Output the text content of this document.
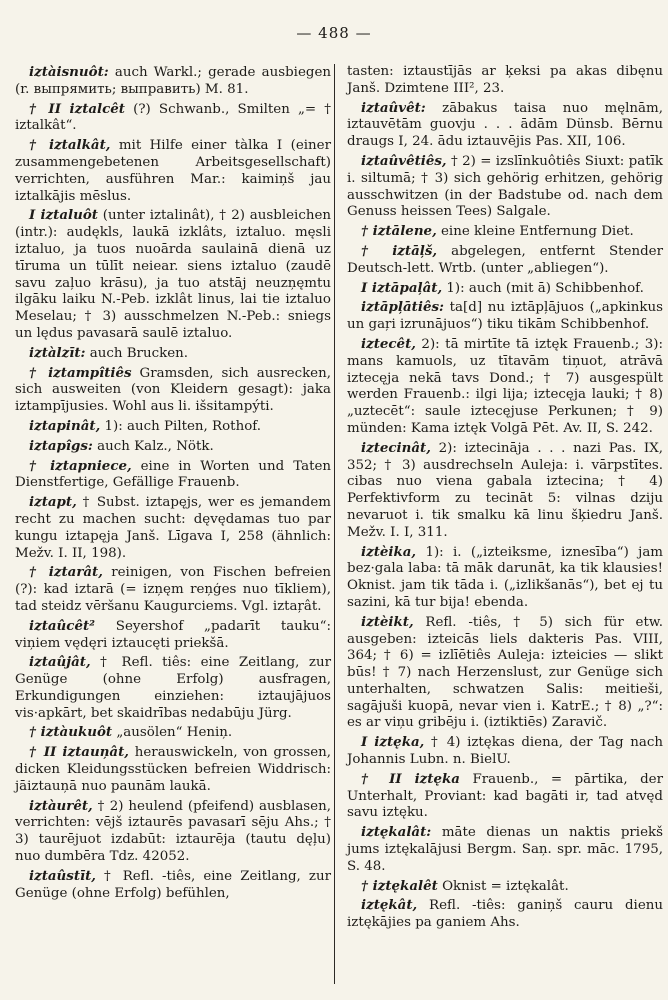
— 488 —

iztàisnuôt: auch Warkl.; gerade ausbiegen (r. выпрямить; выправить) M. 81.

† II iztalcêt (?) Schwanb., Smilten „= † iztalkât“.

† iztalkât, mit Hilfe einer tàlka I (einer zusammengebetenen Arbeitsgesellschaft) verrichten, ausführen Mar.: kaimiņš jau iztalkājis mēslus.

I iztaluôt (unter iztalinât), † 2) ausbleichen (intr.): audękls, laukā izklâts, iztaluo. męsli iztaluo, ja tuos nuoārda saulainā dienā uz tīruma un tūlīt neiear. siens iztaluo (zaudē savu zaļuo krāsu), ja tuo atstāj neuzņęmtu ilgāku laiku N.-Peb. izklât linus, lai tie iztaluo Meselau; † 3) ausschmelzen N.-Peb.: sniegs un lędus pavasarā saulē iztaluo.

iztàlzīt: auch Brucken.

† iztampîtiês Gramsden, sich ausrecken, sich ausweiten (von Kleidern gesagt): jaka iztampījusies. Wohl aus li. išsitampýti.

iztapinât, 1): auch Pilten, Rothof.

iztapîgs: auch Kalz., Nötk.

† iztapniece, eine in Worten und Taten Dienstfertige, Gefällige Frauenb.

iztapt, † Subst. iztapęjs, wer es jemandem recht zu machen sucht: dęvędamas tuo par kungu iztapęja Janš. Līgava I, 258 (ähnlich: Mežv. I. II, 198).

† iztarât, reinigen, von Fischen befreien (?): kad iztarā (= izņęm reņģes nuo tīkliem), tad steidz vēršanu Kaugurciems. Vgl. iztaŗât.

iztaûcêt² Seyershof „padarīt tauku“: viņiem vędęri iztaucęti priekšā.

iztaûjât, † Refl. tiês: eine Zeitlang, zur Genüge (ohne Erfolg) ausfragen, Erkundigungen einziehen: iztaujājuos vis·apkārt, bet skaidrības nedabūju Jürg.

† iztàukuôt „ausölen“ Heniņ.

† II iztauņât, herauswickeln, von grossen, dicken Kleidungsstücken befreien Widdrisch: jāiztauņā nuo paunām laukā.

iztàurêt, † 2) heulend (pfeifend) ausblasen, verrichten: vējš iztaurēs pavasarī sēju Ahs.; † 3) taurējuot izdabūt: iztaurēja (tautu dęļu) nuo dumbēra Tdz. 42052.

iztaûstīt, † Refl. -tiês, eine Zeitlang, zur Genüge (ohne Erfolg) befühlen,

tasten: iztaustījās ar ķeksi pa akas dibęnu Janš. Dzimtene III², 23.

iztaûvêt: zābakus taisa nuo męlnām, iztauvētām guovju . . . ādām Dünsb. Bērnu draugs I, 24. ādu iztauvējis Pas. XII, 106.

iztaûvêtiês, † 2) = izslīnkuôtiês Siuxt: patīk i. siltumā; † 3) sich gehörig erhitzen, gehörig ausschwitzen (in der Badstube od. nach dem Genuss heissen Tees) Salgale.

† iztālene, eine kleine Entfernung Diet.

† iztāļš, abgelegen, entfernt Stender Deutsch-lett. Wrtb. (unter „abliegen“).

I iztāpaļât, 1): auch (mit ā) Schibbenhof.

iztāpļātiês: ta[d] nu iztāpļājuos („apkinkus un gaŗi izrunājuos“) tiku tikām Schibbenhof.

iztecêt, 2): tā mirtīte tā iztęk Frauenb.; 3): mans kamuols, uz tītavām tiņuot, atrāvā iztecęja nekā tavs Dond.; † 7) ausgespült werden Frauenb.: ilgi lija; iztecęja lauki; † 8) „uztecēt“: saule iztecęjuse Perkunen; † 9) münden: Kama iztęk Volgā Pēt. Av. II, S. 242.

iztecinât, 2): iztecināja . . . nazi Pas. IX, 352; † 3) ausdrechseln Auleja: i. vārpstītes. cibas nuo viena gabala iztecina; † 4) Perfektivform zu tecināt 5: vilnas dziju nevaruot i. tik smalku kā linu šķiedru Janš. Mežv. I. I, 311.

iztèika, 1): i. („izteiksme, iznesība“) jam bez·gala laba: tā māk darunāt, ka tik klausies! Oknist. jam tik tāda i. („izlikšanās“), bet ej tu sazini, kā tur bija! ebenda.

iztèikt, Refl. -tiês, † 5) sich für etw. ausgeben: izteicās liels dakteris Pas. VIII, 364; † 6) = izlīētiês Auleja: izteicies — slikt būs! † 7) nach Herzenslust, zur Genüge sich unterhalten, schwatzen Salis: meitieši, sagājuši kuopā, nevar vien i. KatrE.; † 8) „?“: es ar viņu gribēju i. (iztiktiēs) Zaravič.

I iztęka, † 4) iztękas diena, der Tag nach Johannis Lubn. n. BielU.

† II iztęka Frauenb., = pārtika, der Unterhalt, Proviant: kad bagāti ir, tad atvęd savu iztęku.

iztękalât: māte dienas un naktis priekš jums iztękalājusi Bergm. Saņ. spr. māc. 1795, S. 48.

† iztękalêt Oknist = iztękalât.

iztękât, Refl. -tiês: ganiņš cauru dienu iztękājies pa ganiem Ahs.
